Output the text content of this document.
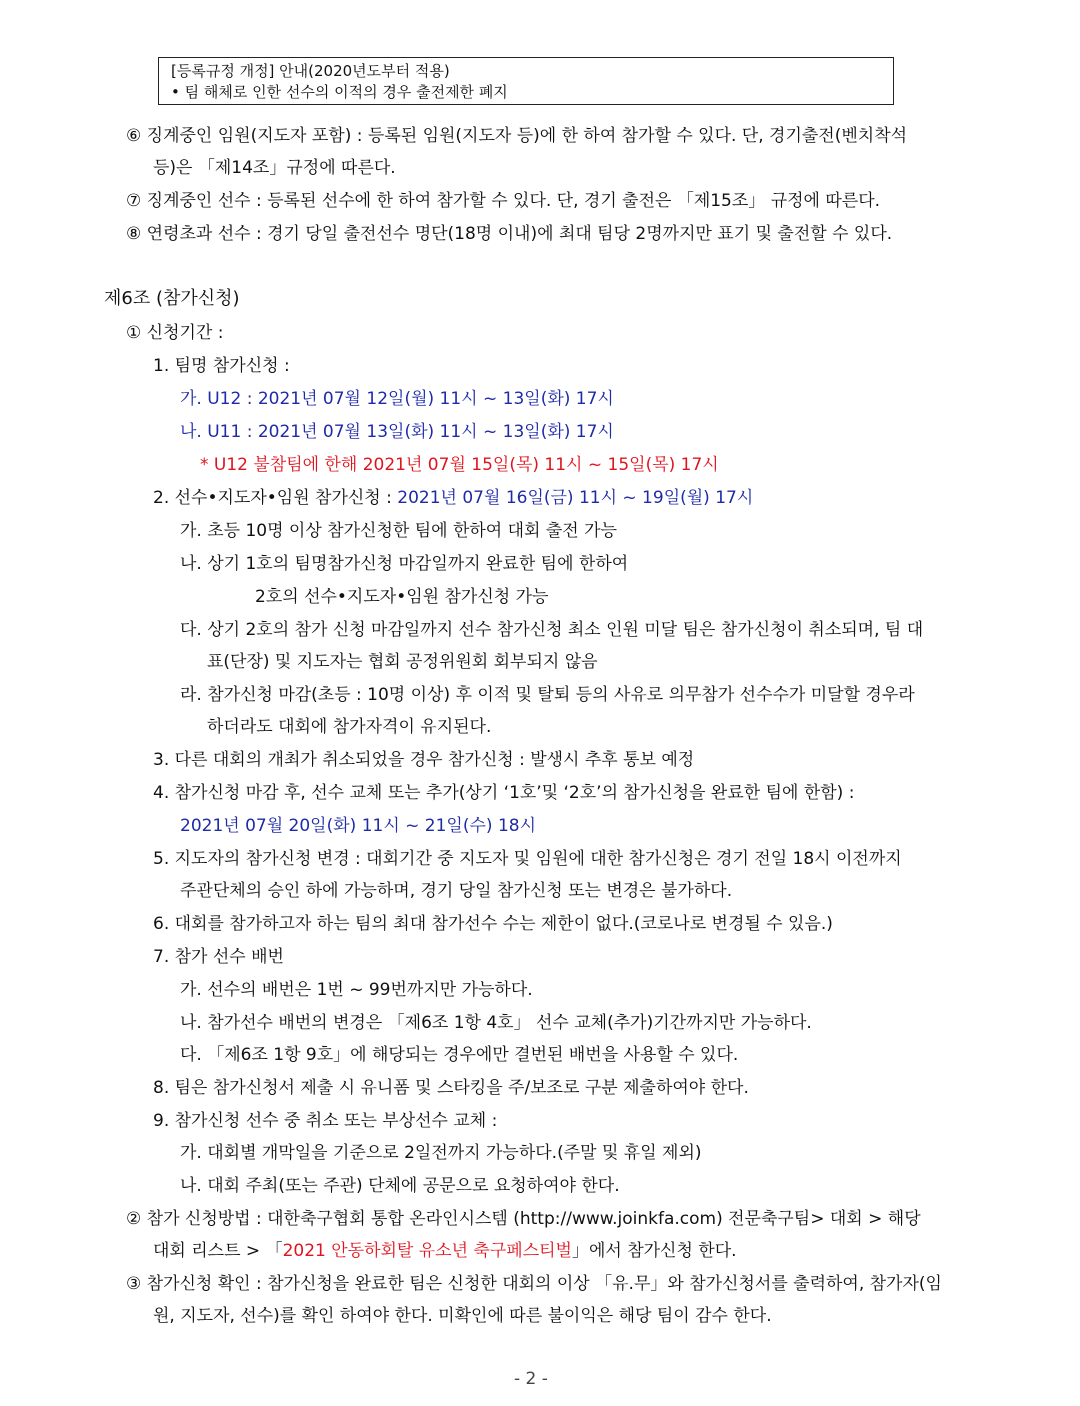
[등록규정 개정] 안내(2020년도부터 적용)
• 팀 해체로 인한 선수의 이적의 경우 출전제한 폐지
⑥ 징계중인 임원(지도자 포함) : 등록된 임원(지도자 등)에 한 하여 참가할 수 있다. 단, 경기출전(벤치착석
등)은 「제14조」규정에 따른다.
⑦ 징계중인 선수 : 등록된 선수에 한 하여 참가할 수 있다. 단, 경기 출전은 「제15조」 규정에 따른다.
⑧ 연령초과 선수 : 경기 당일 출전선수 명단(18명 이내)에 최대 팀당 2명까지만 표기 및 출전할 수 있다.
제6조 (참가신청)
① 신청기간 :
1. 팀명 참가신청 :
가. U12 : 2021년 07월 12일(월) 11시 ~ 13일(화) 17시
나. U11 : 2021년 07월 13일(화) 11시 ~ 13일(화) 17시
* U12 불참팀에 한해 2021년 07월 15일(목) 11시 ~ 15일(목) 17시
2. 선수•지도자•임원 참가신청 : 2021년 07월 16일(금) 11시 ~ 19일(월) 17시
가. 초등 10명 이상 참가신청한 팀에 한하여 대회 출전 가능
나. 상기 1호의 팀명참가신청 마감일까지 완료한 팀에 한하여
2호의 선수•지도자•임원 참가신청 가능
다. 상기 2호의 참가 신청 마감일까지 선수 참가신청 최소 인원 미달 팀은 참가신청이 취소되며, 팀 대
표(단장) 및 지도자는 협회 공정위원회 회부되지 않음
라. 참가신청 마감(초등 : 10명 이상) 후 이적 및 탈퇴 등의 사유로 의무참가 선수수가 미달할 경우라
하더라도 대회에 참가자격이 유지된다.
3. 다른 대회의 개최가 취소되었을 경우 참가신청 : 발생시 추후 통보 예정
4. 참가신청 마감 후, 선수 교체 또는 추가(상기 ‘1호’및 ‘2호’의 참가신청을 완료한 팀에 한함) :
2021년 07월 20일(화) 11시 ~ 21일(수) 18시
5. 지도자의 참가신청 변경 : 대회기간 중 지도자 및 임원에 대한 참가신청은 경기 전일 18시 이전까지
주관단체의 승인 하에 가능하며, 경기 당일 참가신청 또는 변경은 불가하다.
6. 대회를 참가하고자 하는 팀의 최대 참가선수 수는 제한이 없다.(코로나로 변경될 수 있음.)
7. 참가 선수 배번
가. 선수의 배번은 1번 ~ 99번까지만 가능하다.
나. 참가선수 배번의 변경은 「제6조 1항 4호」 선수 교체(추가)기간까지만 가능하다.
다. 「제6조 1항 9호」에 해당되는 경우에만 결번된 배번을 사용할 수 있다.
8. 팀은 참가신청서 제출 시 유니폼 및 스타킹을 주/보조로 구분 제출하여야 한다.
9. 참가신청 선수 중 취소 또는 부상선수 교체 :
가. 대회별 개막일을 기준으로 2일전까지 가능하다.(주말 및 휴일 제외)
나. 대회 주최(또는 주관) 단체에 공문으로 요청하여야 한다.
② 참가 신청방법 : 대한축구협회 통합 온라인시스템 (http://www.joinkfa.com) 전문축구팀> 대회 > 해당
대회 리스트 > 「2021 안동하회탈 유소년 축구페스티벌」에서 참가신청 한다.
③ 참가신청 확인 : 참가신청을 완료한 팀은 신청한 대회의 이상 「유.무」와 참가신청서를 출력하여, 참가자(임
원, 지도자, 선수)를 확인 하여야 한다. 미확인에 따른 불이익은 해당 팀이 감수 한다.
- 2 -
